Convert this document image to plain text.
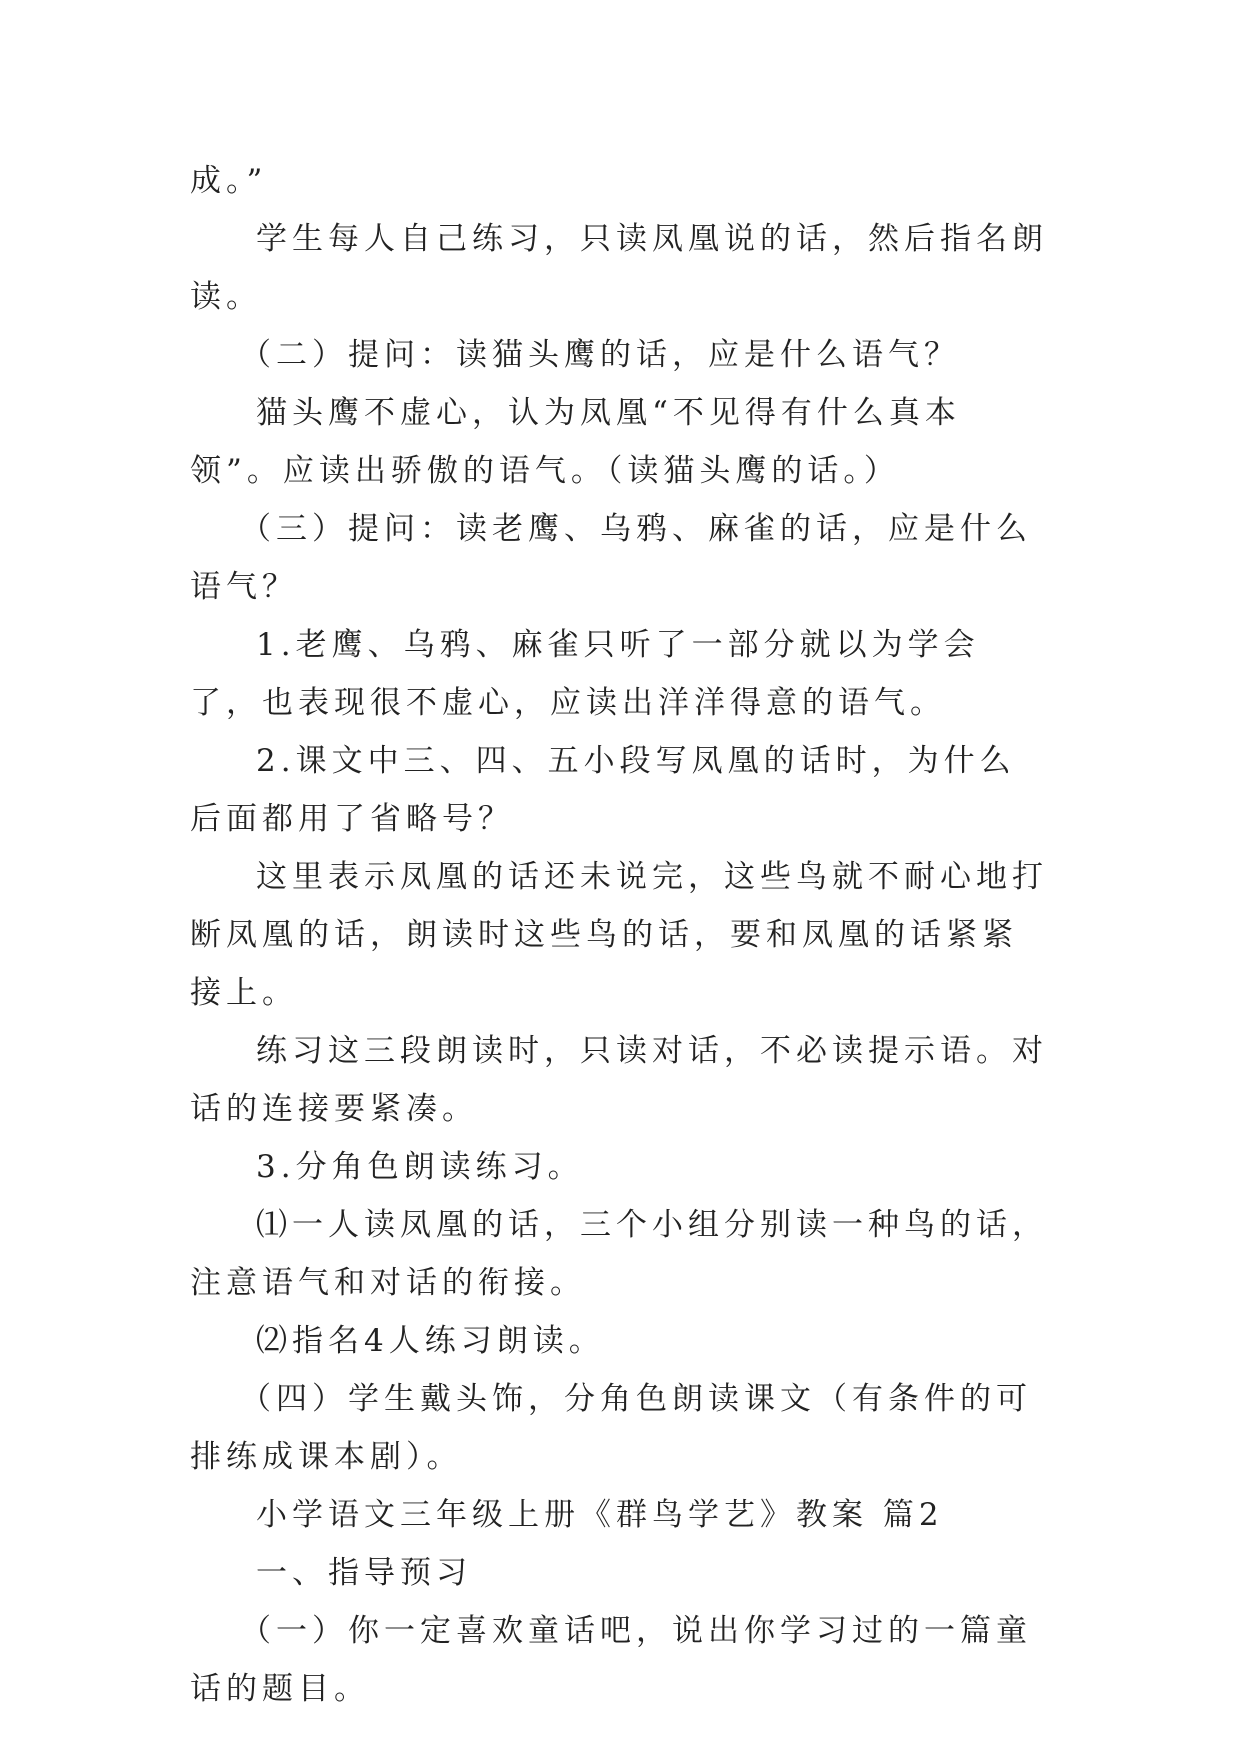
成。”

学生每人自己练习，只读凤凰说的话，然后指名朗读。

（二）提问：读猫头鹰的话，应是什么语气？

猫头鹰不虚心，认为凤凰“不见得有什么真本领”。应读出骄傲的语气。（读猫头鹰的话。）

（三）提问：读老鹰、乌鸦、麻雀的话，应是什么语气？

1.老鹰、乌鸦、麻雀只听了一部分就以为学会了，也表现很不虚心，应读出洋洋得意的语气。

2.课文中三、四、五小段写凤凰的话时，为什么后面都用了省略号？

这里表示凤凰的话还未说完，这些鸟就不耐心地打断凤凰的话，朗读时这些鸟的话，要和凤凰的话紧紧接上。

练习这三段朗读时，只读对话，不必读提示语。对话的连接要紧凑。

3.分角色朗读练习。

⑴一人读凤凰的话，三个小组分别读一种鸟的话，注意语气和对话的衔接。

⑵指名4人练习朗读。

（四）学生戴头饰，分角色朗读课文（有条件的可排练成课本剧）。

小学语文三年级上册《群鸟学艺》教案 篇2

一、指导预习

（一）你一定喜欢童话吧，说出你学习过的一篇童话的题目。
